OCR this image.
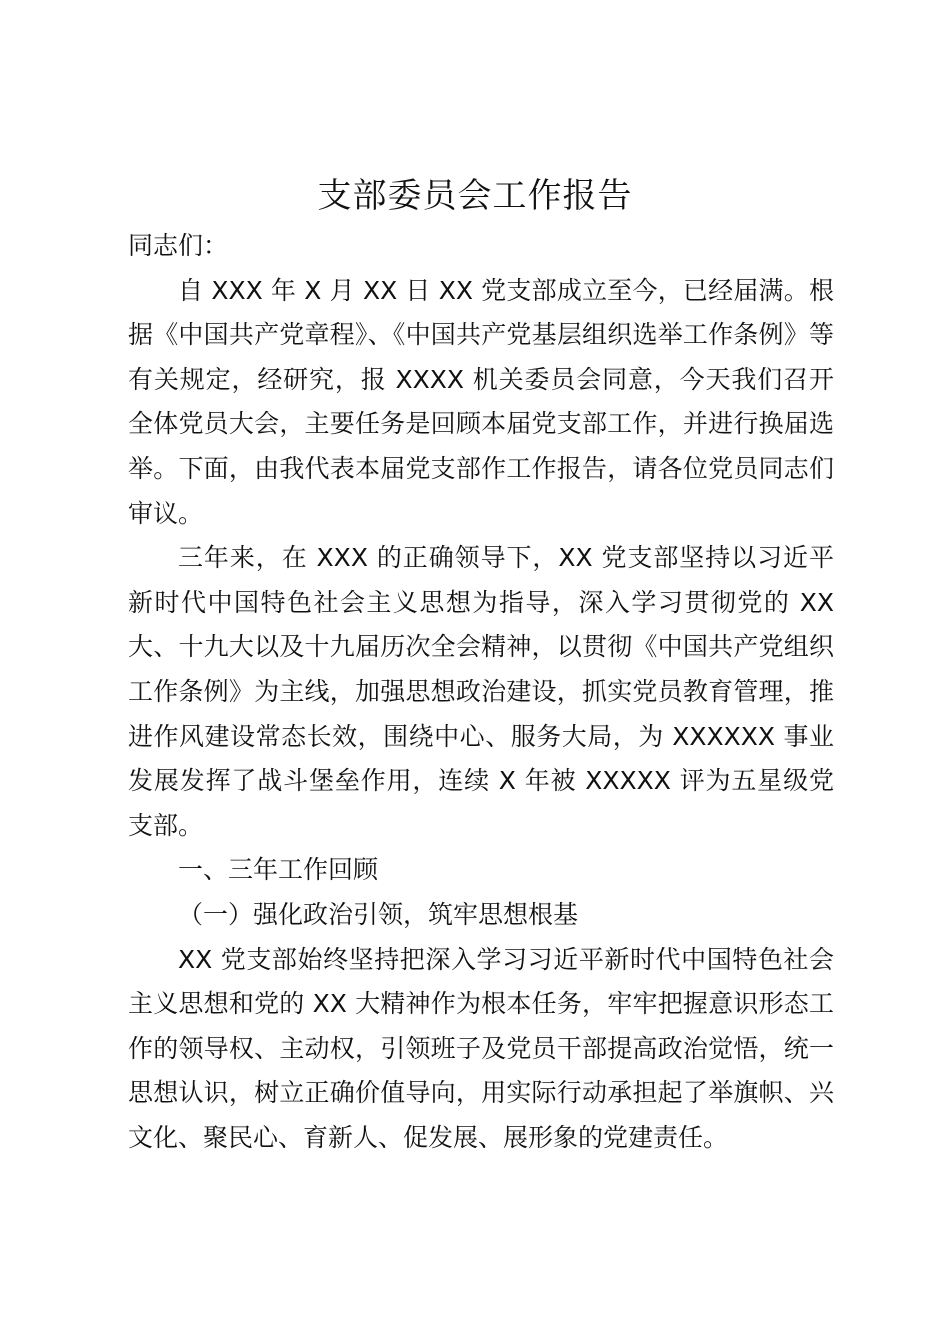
支部委员会工作报告

同志们：

自 XXX 年 X 月 XX 日 XX 党支部成立至今，已经届满。根据《中国共产党章程》、《中国共产党基层组织选举工作条例》等有关规定，经研究，报 XXXX 机关委员会同意，今天我们召开全体党员大会，主要任务是回顾本届党支部工作，并进行换届选举。下面，由我代表本届党支部作工作报告，请各位党员同志们审议。

三年来，在 XXX 的正确领导下，XX 党支部坚持以习近平新时代中国特色社会主义思想为指导，深入学习贯彻党的 XX 大、十九大以及十九届历次全会精神，以贯彻《中国共产党组织工作条例》为主线，加强思想政治建设，抓实党员教育管理，推进作风建设常态长效，围绕中心、服务大局，为 XXXXXX 事业发展发挥了战斗堡垒作用，连续 X 年被 XXXXX 评为五星级党支部。

一、三年工作回顾

（一）强化政治引领，筑牢思想根基

XX 党支部始终坚持把深入学习习近平新时代中国特色社会主义思想和党的 XX 大精神作为根本任务，牢牢把握意识形态工作的领导权、主动权，引领班子及党员干部提高政治觉悟，统一思想认识，树立正确价值导向，用实际行动承担起了举旗帜、兴文化、聚民心、育新人、促发展、展形象的党建责任。
